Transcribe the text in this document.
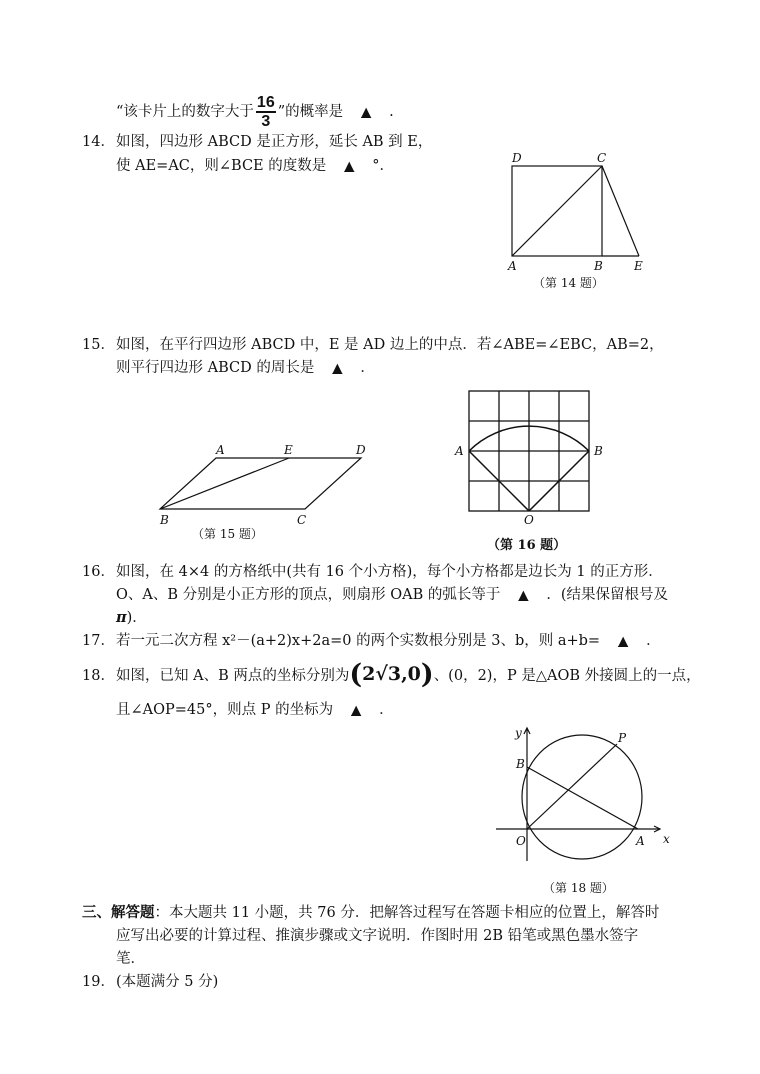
“该卡片上的数字大于 $\frac{16}{3}$ ”的概率是 ▲ .
14．如图，四边形 ABCD 是正方形，延长 AB 到 E，
使 AE=AC，则∠BCE 的度数是 ▲ °．	D	C
A	B	E
（第 14 题）
15．如图，在平行四边形 ABCD 中，E 是 AD 边上的中点．若∠ABE=∠EBC，AB=2，
则平行四边形 ABCD 的周长是 ▲ ．
A	E	D
B	C
（第 15 题）
A	B
O
（第 16 题）
16．如图，在 4×4 的方格纸中(共有 16 个小方格)，每个小方格都是边长为 1 的正方形．
O、A、B 分别是小正方形的顶点，则扇形 OAB 的弧长等于 ▲ ．(结果保留根号及
π)．
17．若一元二次方程 x²－(a+2)x+2a=0 的两个实数根分别是 3、b，则 a+b= ▲ ．
18．如图，已知 A、B 两点的坐标分别为(2√3,0)、(0，2)，P 是△AOB 外接圆上的一点，
且∠AOP=45°，则点 P 的坐标为 ▲ ．
y
x
B
P
O	A
（第 18 题）
三、解答题：本大题共 11 小题，共 76 分．把解答过程写在答题卡相应的位置上，解答时
应写出必要的计算过程、推演步骤或文字说明．作图时用 2B 铅笔或黑色墨水签字
笔．
19．(本题满分 5 分)
